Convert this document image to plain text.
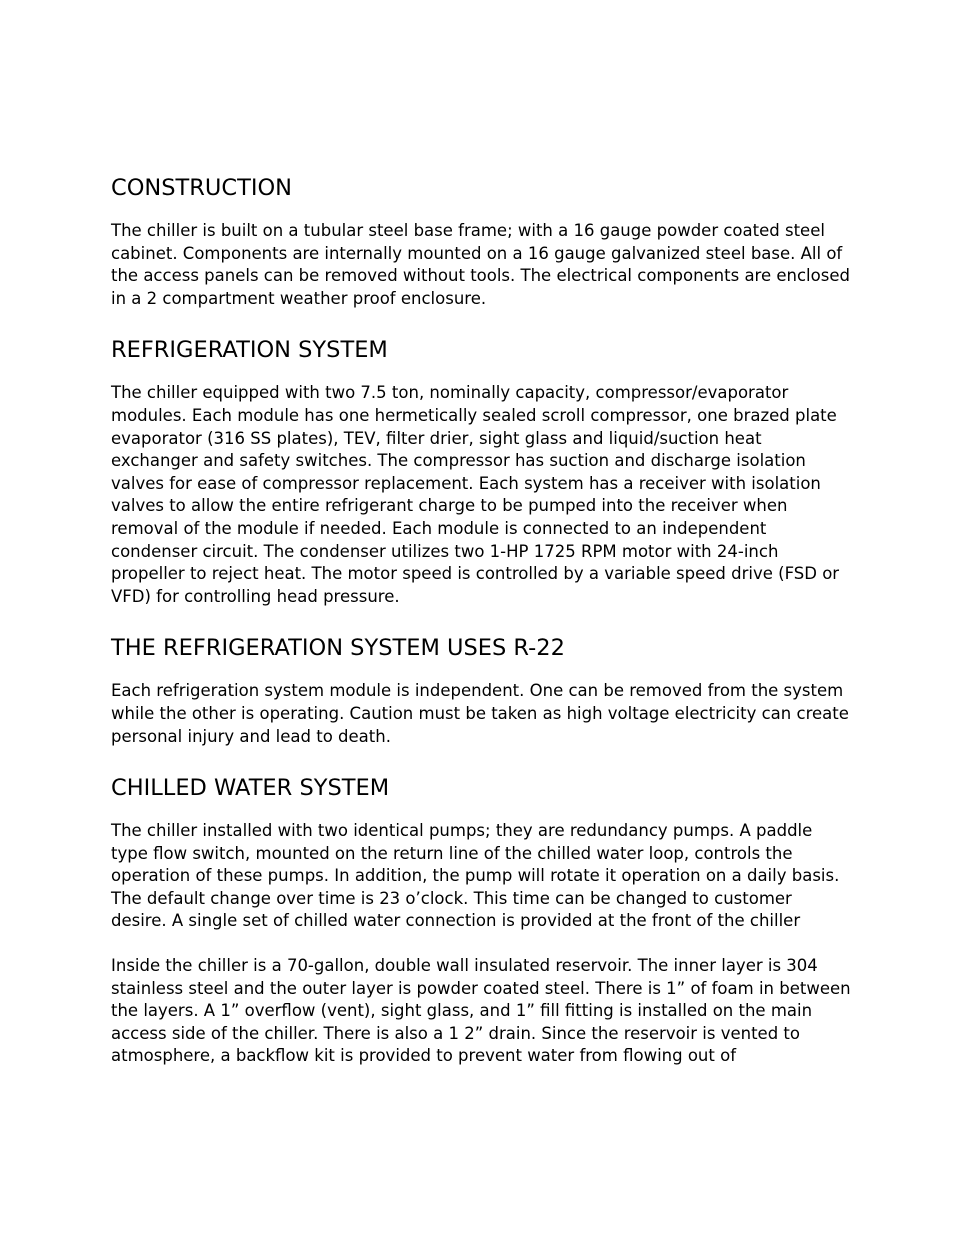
CONSTRUCTION

The chiller is built on a tubular steel base frame; with a 16 gauge powder coated steel cabinet. Components are internally mounted on a 16 gauge galvanized steel base. All of the access panels can be removed without tools. The electrical components are enclosed in a 2 compartment weather proof enclosure.

REFRIGERATION SYSTEM

The chiller equipped with two 7.5 ton, nominally capacity, compressor/evaporator modules. Each module has one hermetically sealed scroll compressor, one brazed plate evaporator (316 SS plates), TEV, filter drier, sight glass and liquid/suction heat exchanger and safety switches. The compressor has suction and discharge isolation valves for ease of compressor replacement. Each system has a receiver with isolation valves to allow the entire refrigerant charge to be pumped into the receiver when removal of the module if needed. Each module is connected to an independent condenser circuit. The condenser utilizes two 1-HP 1725 RPM motor with 24-inch propeller to reject heat. The motor speed is controlled by a variable speed drive (FSD or VFD) for controlling head pressure.

THE REFRIGERATION SYSTEM USES R-22

Each refrigeration system module is independent. One can be removed from the system while the other is operating. Caution must be taken as high voltage electricity can create personal injury and lead to death.

CHILLED WATER SYSTEM

The chiller installed with two identical pumps; they are redundancy pumps. A paddle type flow switch, mounted on the return line of the chilled water loop, controls the operation of these pumps. In addition, the pump will rotate it operation on a daily basis. The default change over time is 23 o’clock. This time can be changed to customer desire. A single set of chilled water connection is provided at the front of the chiller

Inside the chiller is a 70-gallon, double wall insulated reservoir. The inner layer is 304 stainless steel and the outer layer is powder coated steel. There is 1” of foam in between the layers. A 1” overflow (vent), sight glass, and 1” fill fitting is installed on the main access side of the chiller. There is also a 1 2” drain. Since the reservoir is vented to atmosphere, a backflow kit is provided to prevent water from flowing out of
